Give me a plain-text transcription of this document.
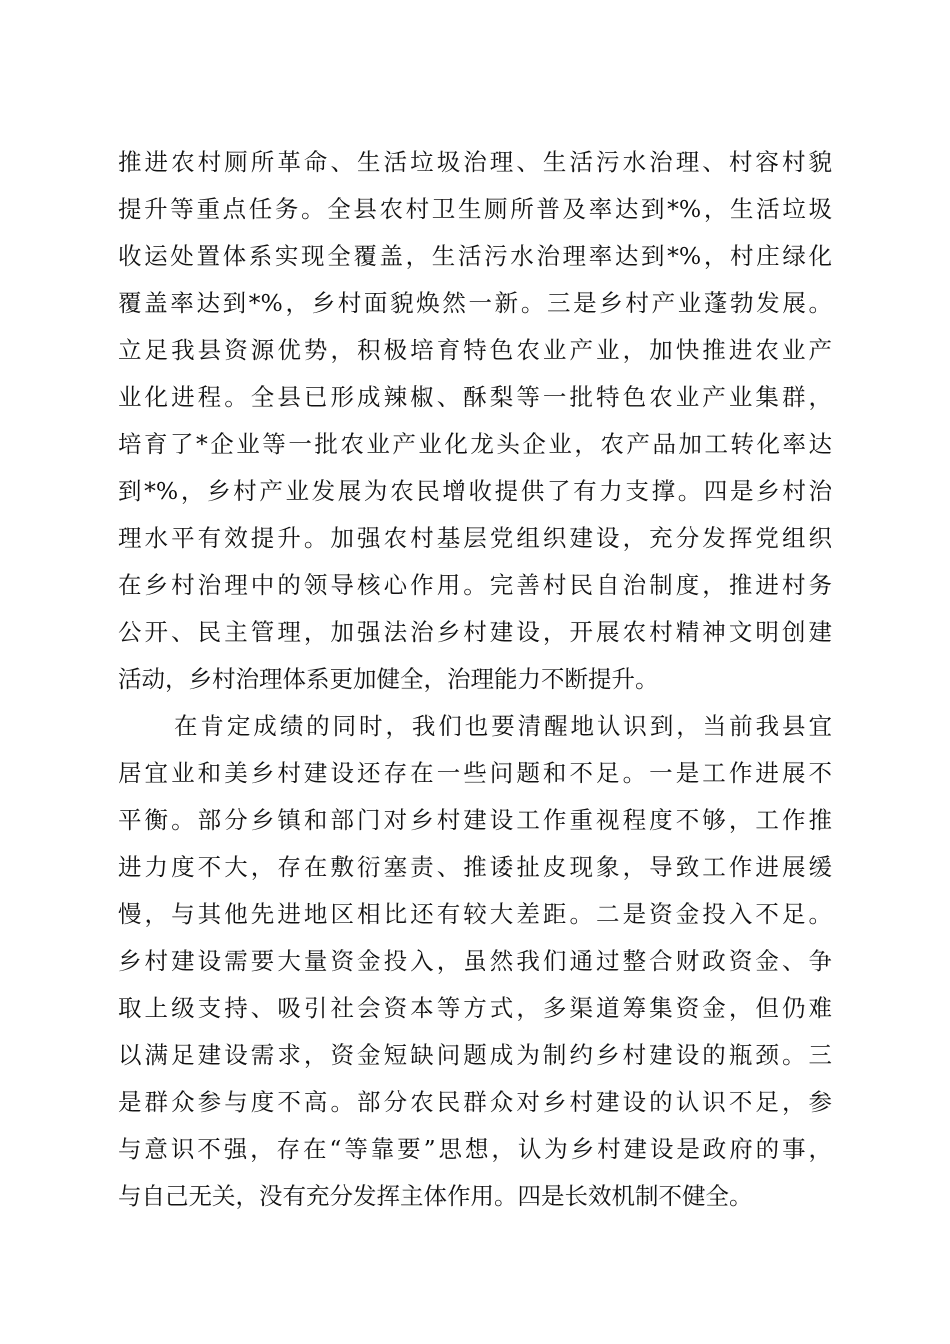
推进农村厕所革命、生活垃圾治理、生活污水治理、村容村貌
提升等重点任务。全县农村卫生厕所普及率达到*%，生活垃圾
收运处置体系实现全覆盖，生活污水治理率达到*%，村庄绿化
覆盖率达到*%，乡村面貌焕然一新。三是乡村产业蓬勃发展。
立足我县资源优势，积极培育特色农业产业，加快推进农业产
业化进程。全县已形成辣椒、酥梨等一批特色农业产业集群，
培育了*企业等一批农业产业化龙头企业，农产品加工转化率达
到*%，乡村产业发展为农民增收提供了有力支撑。四是乡村治
理水平有效提升。加强农村基层党组织建设，充分发挥党组织
在乡村治理中的领导核心作用。完善村民自治制度，推进村务
公开、民主管理，加强法治乡村建设，开展农村精神文明创建
活动，乡村治理体系更加健全，治理能力不断提升。
在肯定成绩的同时，我们也要清醒地认识到，当前我县宜
居宜业和美乡村建设还存在一些问题和不足。一是工作进展不
平衡。部分乡镇和部门对乡村建设工作重视程度不够，工作推
进力度不大，存在敷衍塞责、推诿扯皮现象，导致工作进展缓
慢，与其他先进地区相比还有较大差距。二是资金投入不足。
乡村建设需要大量资金投入，虽然我们通过整合财政资金、争
取上级支持、吸引社会资本等方式，多渠道筹集资金，但仍难
以满足建设需求，资金短缺问题成为制约乡村建设的瓶颈。三
是群众参与度不高。部分农民群众对乡村建设的认识不足，参
与意识不强，存在“等靠要”思想，认为乡村建设是政府的事，
与自己无关，没有充分发挥主体作用。四是长效机制不健全。
